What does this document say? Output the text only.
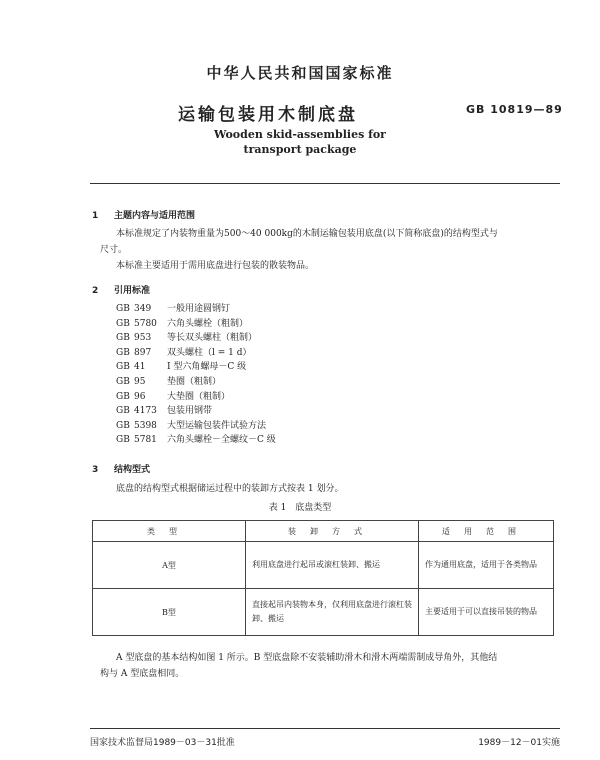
中华人民共和国国家标准
运输包装用木制底盘	GB 10819—89
Wooden skid-assemblies for
transport package
1 主题内容与适用范围
本标准规定了内装物重量为500～40 000kg的木制运输包装用底盘(以下简称底盘)的结构型式与
尺寸。
本标准主要适用于需用底盘进行包装的散装物品。
2 引用标准
GB 349 一般用途圆钢钉
GB 5780 六角头螺栓（粗制）
GB 953 等长双头螺柱（粗制）
GB 897 双头螺柱（l = 1 d）
GB 41 I 型六角螺母－C 级
GB 95 垫圈（粗制）
GB 96 大垫圈（粗制）
GB 4173 包装用钢带
GB 5398 大型运输包装件试验方法
GB 5781 六角头螺栓－全螺纹－C 级
3 结构型式
底盘的结构型式根据储运过程中的装卸方式按表 1 划分。
表 1　底盘类型
类型	装卸方式	适用范围
A型	利用底盘进行起吊或滚杠装卸、搬运	作为通用底盘，适用于各类物品
B型	直接起吊内装物本身，仅利用底盘进行滚杠装卸、搬运	主要适用于可以直接吊装的物品
A 型底盘的基本结构如图 1 所示。B 型底盘除不安装辅助滑木和滑木两端需制成导角外，其他结
构与 A 型底盘相同。
国家技术监督局1989－03－31批准	1989－12－01实施
